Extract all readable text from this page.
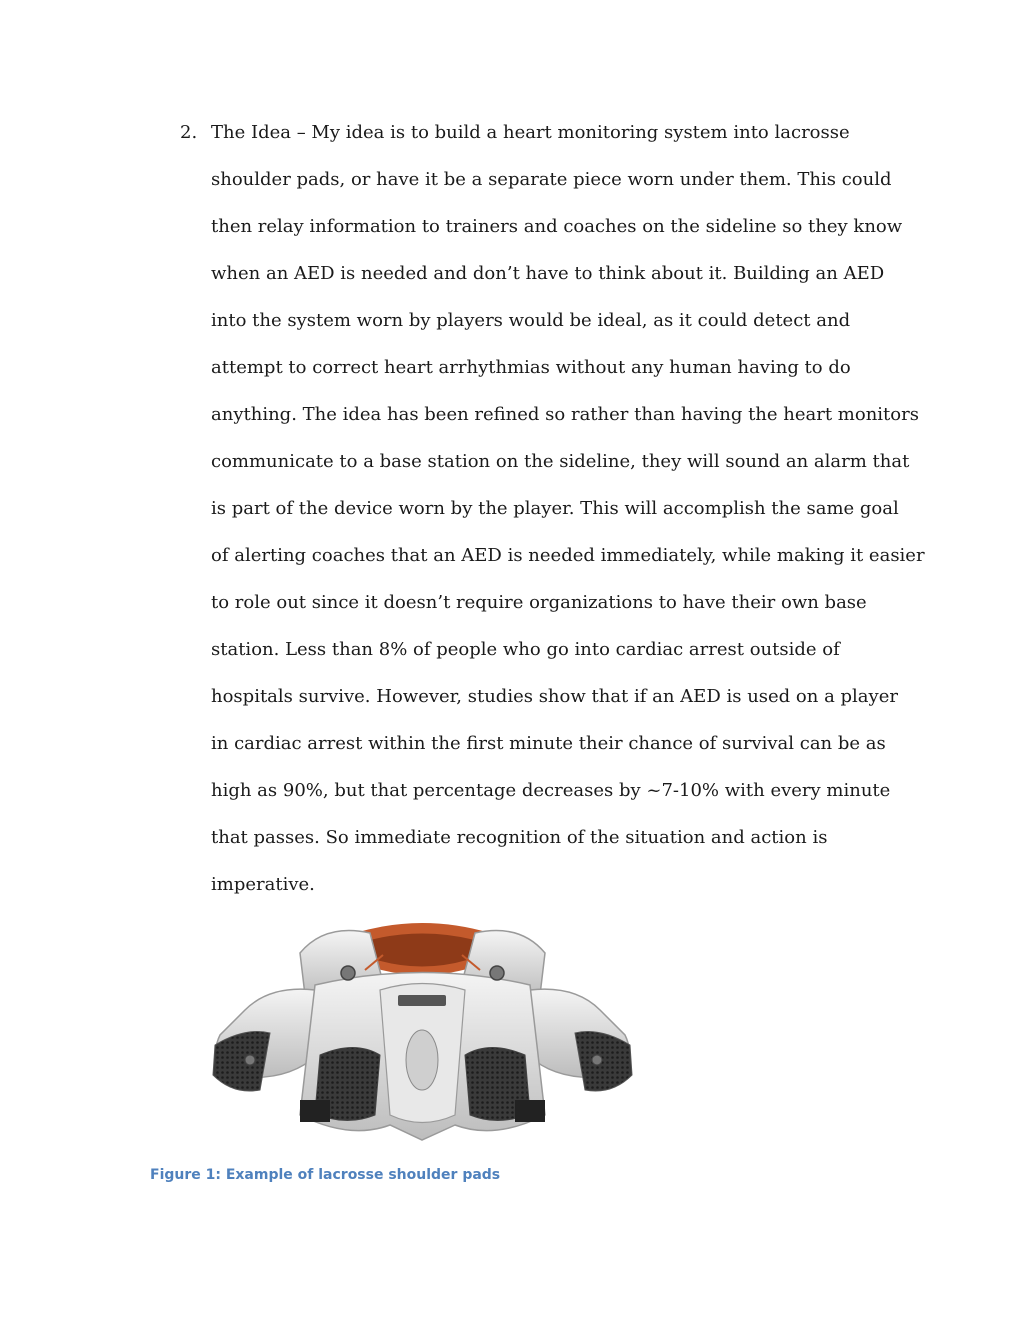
2. The Idea – My idea is to build a heart monitoring system into lacrosse
shoulder pads, or have it be a separate piece worn under them. This could
then relay information to trainers and coaches on the sideline so they know
when an AED is needed and don’t have to think about it. Building an AED
into the system worn by players would be ideal, as it could detect and
attempt to correct heart arrhythmias without any human having to do
anything. The idea has been refined so rather than having the heart monitors
communicate to a base station on the sideline, they will sound an alarm that
is part of the device worn by the player. This will accomplish the same goal
of alerting coaches that an AED is needed immediately, while making it easier
to role out since it doesn’t require organizations to have their own base
station. Less than 8% of people who go into cardiac arrest outside of
hospitals survive. However, studies show that if an AED is used on a player
in cardiac arrest within the first minute their chance of survival can be as
high as 90%, but that percentage decreases by ~7-10% with every minute
that passes. So immediate recognition of the situation and action is
imperative.
Figure 1: Example of lacrosse shoulder pads
